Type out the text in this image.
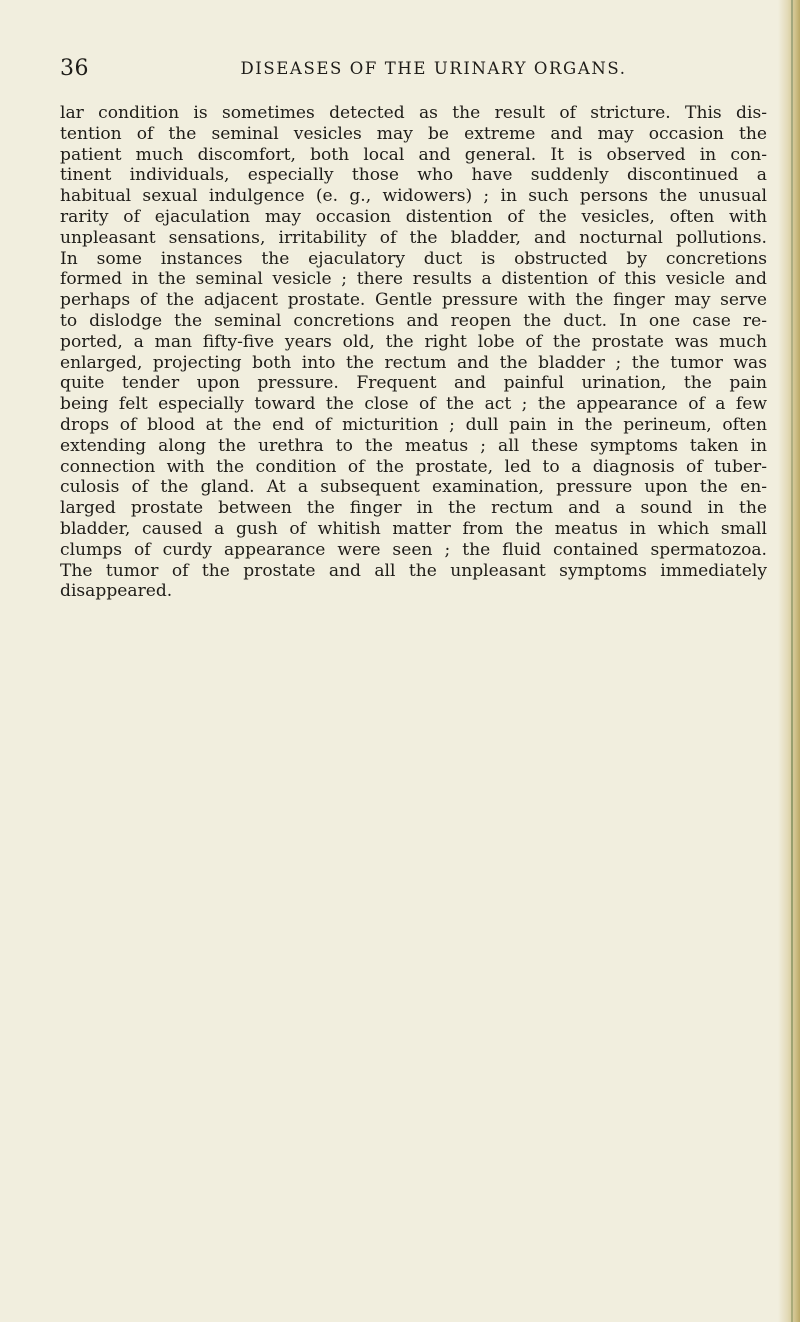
36	DISEASES OF THE URINARY ORGANS.
lar condition is sometimes detected as the result of stricture. This dis-
tention of the seminal vesicles may be extreme and may occasion the
patient much discomfort, both local and general. It is observed in con-
tinent individuals, especially those who have suddenly discontinued a
habitual sexual indulgence (e. g., widowers) ; in such persons the unusual
rarity of ejaculation may occasion distention of the vesicles, often with
unpleasant sensations, irritability of the bladder, and nocturnal pollutions.
In some instances the ejaculatory duct is obstructed by concretions
formed in the seminal vesicle ; there results a distention of this vesicle and
perhaps of the adjacent prostate. Gentle pressure with the finger may serve
to dislodge the seminal concretions and reopen the duct. In one case re-
ported, a man fifty-five years old, the right lobe of the prostate was much
enlarged, projecting both into the rectum and the bladder ; the tumor was
quite tender upon pressure. Frequent and painful urination, the pain
being felt especially toward the close of the act ; the appearance of a few
drops of blood at the end of micturition ; dull pain in the perineum, often
extending along the urethra to the meatus ; all these symptoms taken in
connection with the condition of the prostate, led to a diagnosis of tuber-
culosis of the gland. At a subsequent examination, pressure upon the en-
larged prostate between the finger in the rectum and a sound in the
bladder, caused a gush of whitish matter from the meatus in which small
clumps of curdy appearance were seen ; the fluid contained spermatozoa.
The tumor of the prostate and all the unpleasant symptoms immediately
disappeared.
